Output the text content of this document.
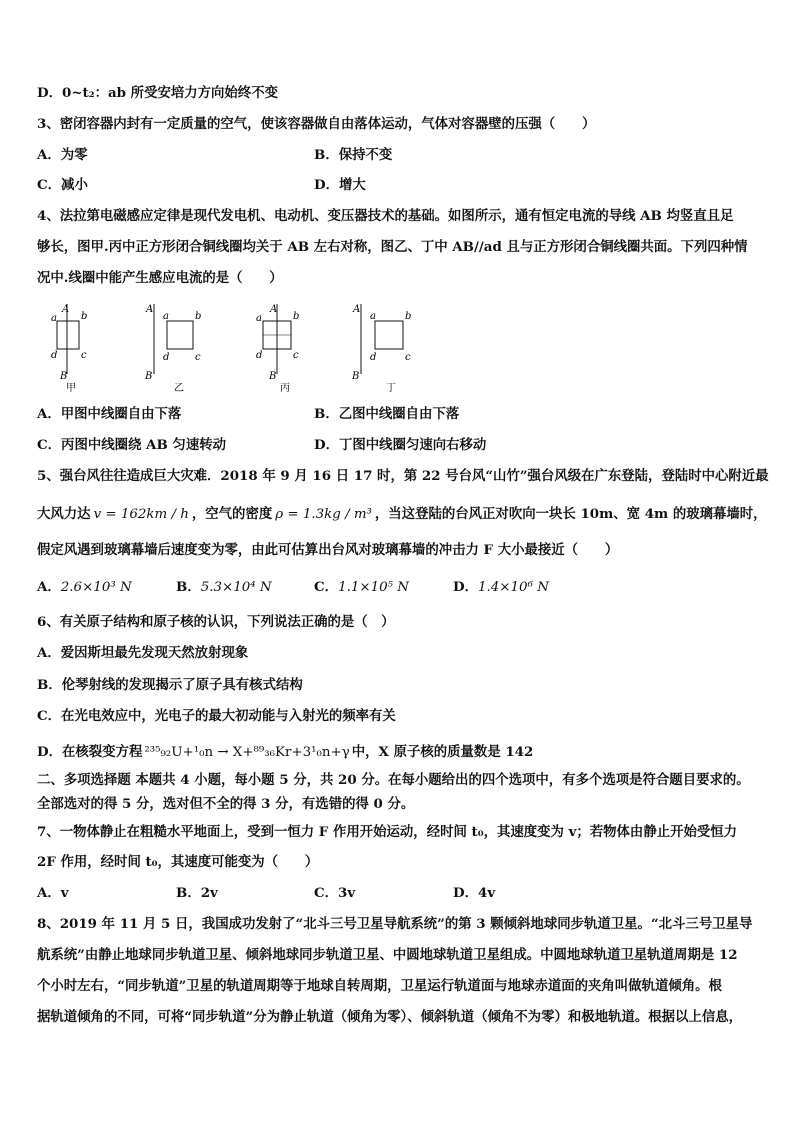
D．0~t₂：ab 所受安培力方向始终不变
3、密闭容器内封有一定质量的空气，使该容器做自由落体运动，气体对容器壁的压强（　　）
A．为零	B．保持不变
C．减小	D．增大
4、法拉第电磁感应定律是现代发电机、电动机、变压器技术的基础。如图所示，通有恒定电流的导线 AB 均竖直且足
够长，图甲.丙中正方形闭合铜线圈均关于 AB 左右对称，图乙、丁中 AB//ad 且与正方形闭合铜线圈共面。下列四种情
况中.线圈中能产生感应电流的是（　　）
A
a b
d c
B
甲
A
a	b
d	c
B
乙
A
a	b
d	c
B
丙
A
a	b
d	c
B
丁
A．甲图中线圈自由下落	B．乙图中线圈自由下落
C．丙图中线圈绕 AB 匀速转动	D．丁图中线圈匀速向右移动
5、强台风往往造成巨大灾难．2018 年 9 月 16 日 17 时，第 22 号台风“山竹”强台风级在广东登陆，登陆时中心附近最
大风力达 v = 162km / h ，空气的密度 ρ = 1.3kg / m³ ，当这登陆的台风正对吹向一块长 10m、宽 4m 的玻璃幕墙时，
假定风遇到玻璃幕墙后速度变为零，由此可估算出台风对玻璃幕墙的冲击力 F 大小最接近（　　）
A．2.6×10³ N	B．5.3×10⁴ N	C．1.1×10⁵ N	D．1.4×10⁶ N
6、有关原子结构和原子核的认识，下列说法正确的是（　）
A．爱因斯坦最先发现天然放射现象
B．伦琴射线的发现揭示了原子具有核式结构
C．在光电效应中，光电子的最大初动能与入射光的频率有关
D．在核裂变方程 ²³⁵₉₂U+¹₀n → X+⁸⁹₃₆Kr+3¹₀n+γ 中，X 原子核的质量数是 142
二、多项选择题 本题共 4 小题，每小题 5 分，共 20 分。在每小题给出的四个选项中，有多个选项是符合题目要求的。
全部选对的得 5 分，选对但不全的得 3 分，有选错的得 0 分。
7、一物体静止在粗糙水平地面上，受到一恒力 F 作用开始运动，经时间 t₀，其速度变为 v；若物体由静止开始受恒力
2F 作用，经时间 t₀，其速度可能变为（　　）
A．v	B．2v	C．3v	D．4v
8、2019 年 11 月 5 日，我国成功发射了“北斗三号卫星导航系统”的第 3 颗倾斜地球同步轨道卫星。“北斗三号卫星导
航系统”由静止地球同步轨道卫星、倾斜地球同步轨道卫星、中圆地球轨道卫星组成。中圆地球轨道卫星轨道周期是 12
个小时左右，“同步轨道”卫星的轨道周期等于地球自转周期，卫星运行轨道面与地球赤道面的夹角叫做轨道倾角。根
据轨道倾角的不同，可将“同步轨道”分为静止轨道（倾角为零）、倾斜轨道（倾角不为零）和极地轨道。根据以上信息，
